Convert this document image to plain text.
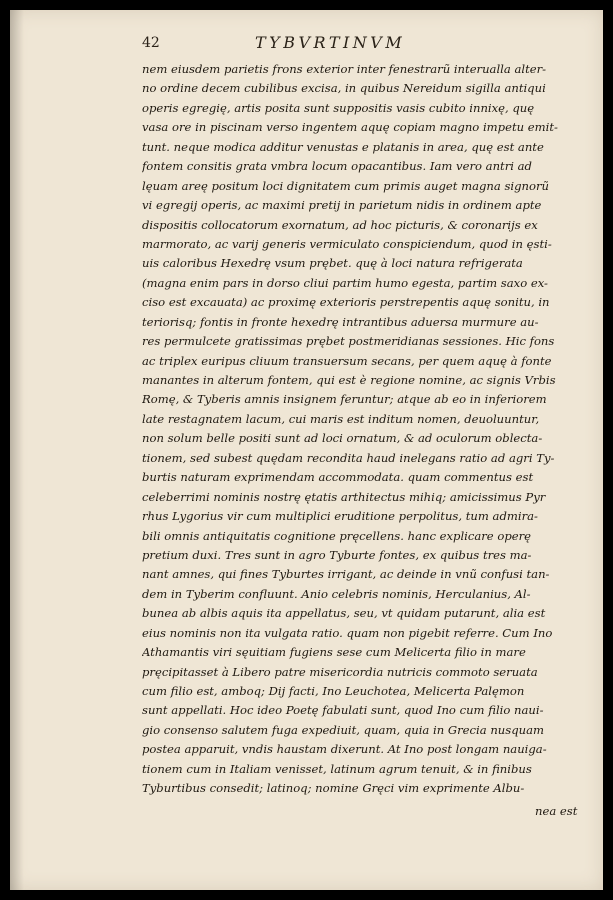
42	TYBVRTINVM
nem eiusdem parietis frons exterior inter fenestrarũ interualla alter-
no ordine decem cubilibus excisa, in quibus Nereidum sigilla antiqui
operis egregię, artis posita sunt suppositis vasis cubito innixę, quę
vasa ore in piscinam verso ingentem aquę copiam magno impetu emit-
tunt. neque modica additur venustas e platanis in area, quę est ante
fontem consitis grata vmbra locum opacantibus. Iam vero antri ad
lęuam areę positum loci dignitatem cum primis auget magna signorũ
vi egregij operis, ac maximi pretij in parietum nidis in ordinem apte
dispositis collocatorum exornatum, ad hoc picturis, & coronarijs ex
marmorato, ac varij generis vermiculato conspiciendum, quod in ęsti-
uis caloribus Hexedrę vsum prębet. quę à loci natura refrigerata
(magna enim pars in dorso cliui partim humo egesta, partim saxo ex-
ciso est excauata) ac proximę exterioris perstrepentis aquę sonitu, in
teriorisq; fontis in fronte hexedrę intrantibus aduersa murmure au-
res permulcete gratissimas prębet postmeridianas sessiones. Hic fons
ac triplex euripus cliuum transuersum secans, per quem aquę à fonte
manantes in alterum fontem, qui est è regione nomine, ac signis Vrbis
Romę, & Tyberis amnis insignem feruntur; atque ab eo in inferiorem
late restagnatem lacum, cui maris est inditum nomen, deuoluuntur,
non solum belle positi sunt ad loci ornatum, & ad oculorum oblecta-
tionem, sed subest quędam recondita haud inelegans ratio ad agri Ty-
burtis naturam exprimendam accommodata. quam commentus est
celeberrimi nominis nostrę ętatis arthitectus mihiq; amicissimus Pyr
rhus Lygorius vir cum multiplici eruditione perpolitus, tum admira-
bili omnis antiquitatis cognitione pręcellens. hanc explicare operę
pretium duxi. Tres sunt in agro Tyburte fontes, ex quibus tres ma-
nant amnes, qui fines Tyburtes irrigant, ac deinde in vnũ confusi tan-
dem in Tyberim confluunt. Anio celebris nominis, Herculanius, Al-
bunea ab albis aquis ita appellatus, seu, vt quidam putarunt, alia est
eius nominis non ita vulgata ratio. quam non pigebit referre. Cum Ino
Athamantis viri sęuitiam fugiens sese cum Melicerta filio in mare
pręcipitasset à Libero patre misericordia nutricis commoto seruata
cum filio est, amboq; Dij facti, Ino Leuchotea, Melicerta Palęmon
sunt appellati. Hoc ideo Poetę fabulati sunt, quod Ino cum filio naui-
gio consenso salutem fuga expediuit, quam, quia in Grecia nusquam
postea apparuit, vndis haustam dixerunt. At Ino post longam nauiga-
tionem cum in Italiam venisset, latinum agrum tenuit, & in finibus
Tyburtibus consedit; latinoq; nomine Gręci vim exprimente Albu-
nea est
